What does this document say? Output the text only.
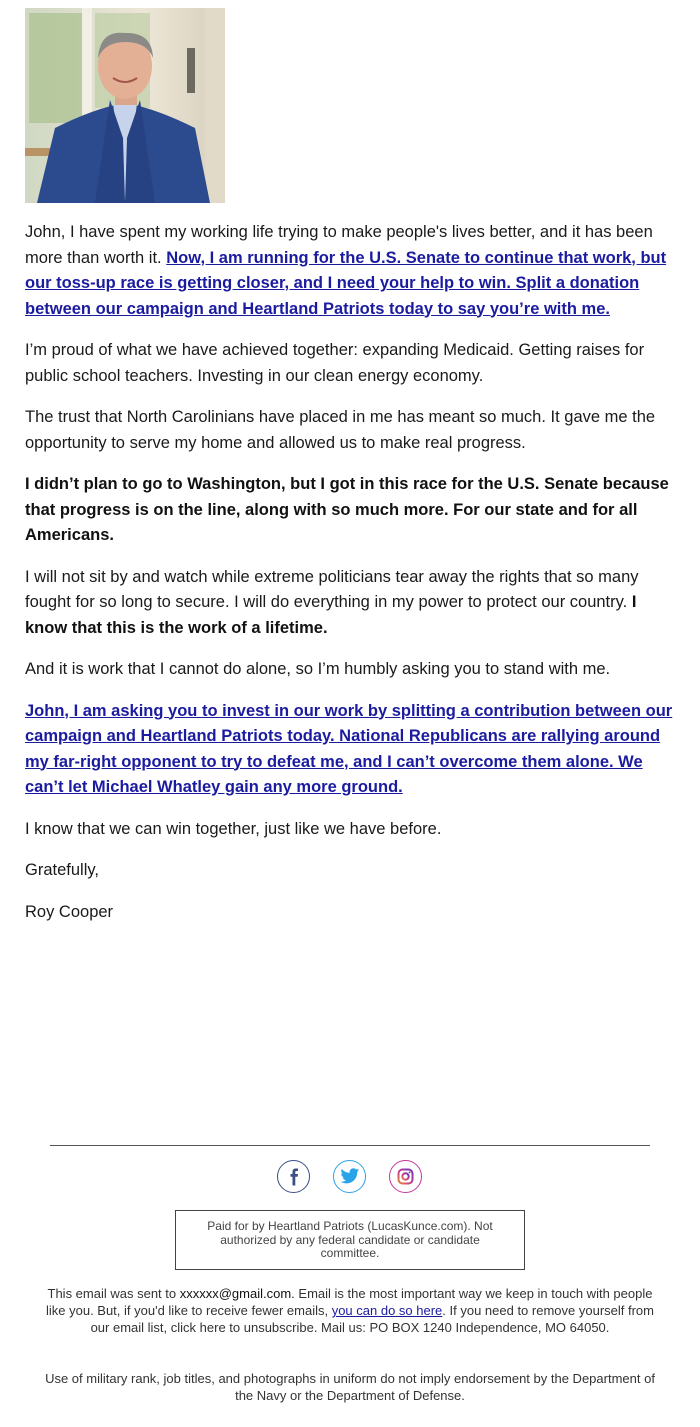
John, I have spent my working life trying to make people's lives better, and it has been more than worth it. Now, I am running for the U.S. Senate to continue that work, but our toss-up race is getting closer, and I need your help to win. Split a donation between our campaign and Heartland Patriots today to say you’re with me.

I’m proud of what we have achieved together: expanding Medicaid. Getting raises for public school teachers. Investing in our clean energy economy.

The trust that North Carolinians have placed in me has meant so much. It gave me the opportunity to serve my home and allowed us to make real progress.

I didn’t plan to go to Washington, but I got in this race for the U.S. Senate because that progress is on the line, along with so much more. For our state and for all Americans.

I will not sit by and watch while extreme politicians tear away the rights that so many fought for so long to secure. I will do everything in my power to protect our country. I know that this is the work of a lifetime.

And it is work that I cannot do alone, so I’m humbly asking you to stand with me.

John, I am asking you to invest in our work by splitting a contribution between our campaign and Heartland Patriots today. National Republicans are rallying around my far-right opponent to try to defeat me, and I can’t overcome them alone. We can’t let Michael Whatley gain any more ground.

I know that we can win together, just like we have before.

Gratefully,

Roy Cooper

Paid for by Heartland Patriots (LucasKunce.com). Not authorized by any federal candidate or candidate committee.
This email was sent to xxxxxx@gmail.com. Email is the most important way we keep in touch with people like you. But, if you'd like to receive fewer emails, you can do so here. If you need to remove yourself from our email list, click here to unsubscribe. Mail us: PO BOX 1240 Independence, MO 64050.
Use of military rank, job titles, and photographs in uniform do not imply endorsement by the Department of the Navy or the Department of Defense.
